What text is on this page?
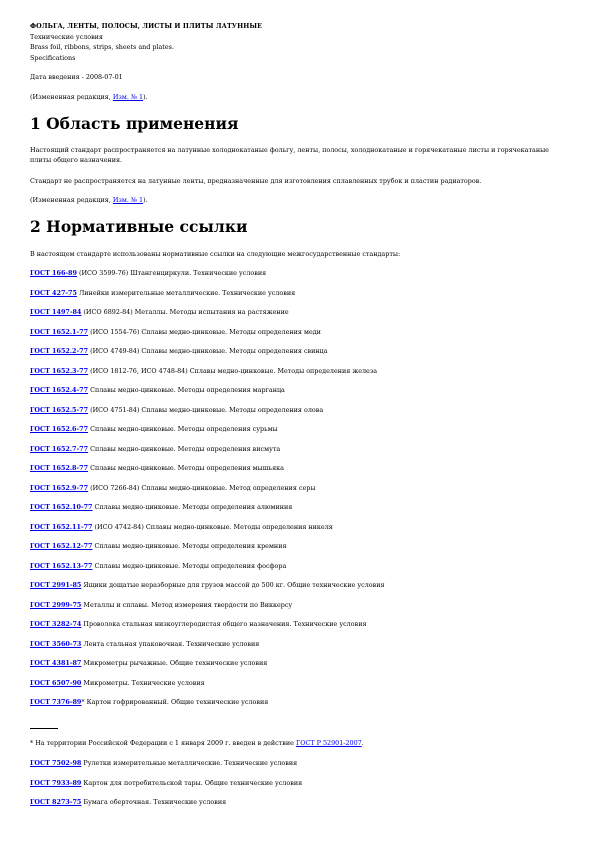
ФОЛЬГА, ЛЕНТЫ, ПОЛОСЫ, ЛИСТЫ И ПЛИТЫ ЛАТУННЫЕ
Технические условия
Brass foil, ribbons, strips, sheets and plates.
Specifications
Дата введения - 2008-07-01
(Измененная редакция, Изм. № 1).
1 Область применения
Настоящий стандарт распространяется на латунные холоднокатаные фольгу, ленты, полосы, холоднокатаные и горячекатаные листы и горячекатаные плиты общего назначения.
Стандарт не распространяется на латунные ленты, предназначенные для изготовления сплавленных трубок и пластин радиаторов.
(Измененная редакция, Изм. № 1).
2 Нормативные ссылки
В настоящем стандарте использованы нормативные ссылки на следующие межгосударственные стандарты:
ГОСТ 166-89 (ИСО 3599-76) Штангенциркули. Технические условия
ГОСТ 427-75 Линейки измерительные металлические. Технические условия
ГОСТ 1497-84 (ИСО 6892-84) Металлы. Методы испытания на растяжение
ГОСТ 1652.1-77 (ИСО 1554-76) Сплавы медно-цинковые. Методы определения меди
ГОСТ 1652.2-77 (ИСО 4749-84) Сплавы медно-цинковые. Методы определения свинца
ГОСТ 1652.3-77 (ИСО 1812-76, ИСО 4748-84) Сплавы медно-цинковые. Методы определения железа
ГОСТ 1652.4-77 Сплавы медно-цинковые. Методы определения марганца
ГОСТ 1652.5-77 (ИСО 4751-84) Сплавы медно-цинковые. Методы определения олова
ГОСТ 1652.6-77 Сплавы медно-цинковые. Методы определения сурьмы
ГОСТ 1652.7-77 Сплавы медно-цинковые. Методы определения висмута
ГОСТ 1652.8-77 Сплавы медно-цинковые. Методы определения мышьяка
ГОСТ 1652.9-77 (ИСО 7266-84) Сплавы медно-цинковые. Метод определения серы
ГОСТ 1652.10-77 Сплавы медно-цинковые. Методы определения алюминия
ГОСТ 1652.11-77 (ИСО 4742-84) Сплавы медно-цинковые. Методы определения никеля
ГОСТ 1652.12-77 Сплавы медно-цинковые. Методы определения кремния
ГОСТ 1652.13-77 Сплавы медно-цинковые. Методы определения фосфора
ГОСТ 2991-85 Ящики дощатые неразборные для грузов массой до 500 кг. Общие технические условия
ГОСТ 2999-75 Металлы и сплавы. Метод измерения твердости по Виккерсу
ГОСТ 3282-74 Проволока стальная низкоуглеродистая общего назначения. Технические условия
ГОСТ 3560-73 Лента стальная упаковочная. Технические условия
ГОСТ 4381-87 Микрометры рычажные. Общие технические условия
ГОСТ 6507-90 Микрометры. Технические условия
ГОСТ 7376-89* Картон гофрированный. Общие технические условия
* На территории Российской Федерации с 1 января 2009 г. введен в действие ГОСТ Р 52901-2007.
ГОСТ 7502-98 Рулетки измерительные металлические. Технические условия
ГОСТ 7933-89 Картон для потребительской тары. Общие технические условия
ГОСТ 8273-75 Бумага оберточная. Технические условия
